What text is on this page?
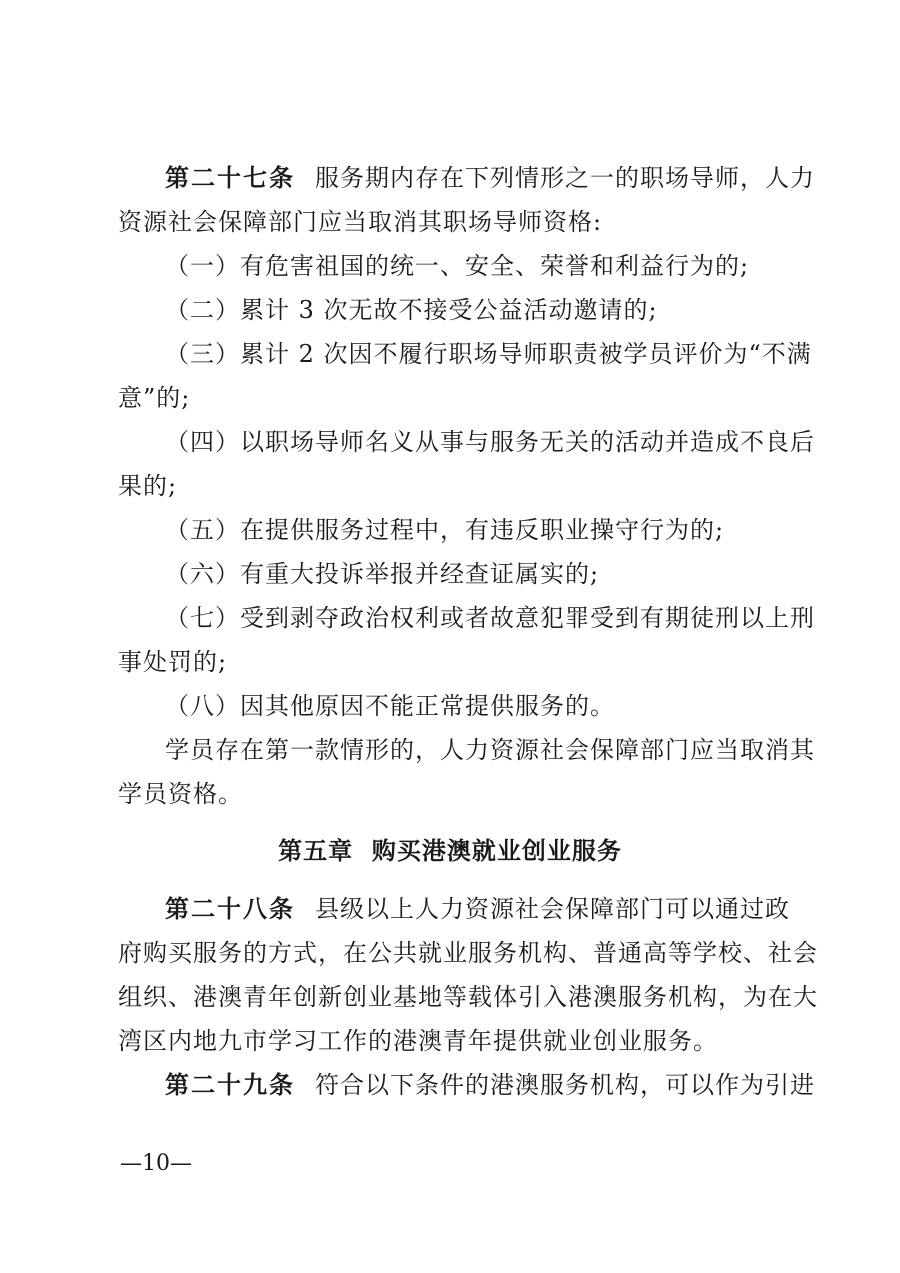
第二十七条 服务期内存在下列情形之一的职场导师，人力
资源社会保障部门应当取消其职场导师资格:
（一）有危害祖国的统一、安全、荣誉和利益行为的;
（二）累计 3 次无故不接受公益活动邀请的;
（三）累计 2 次因不履行职场导师职责被学员评价为“不满
意”的;
（四）以职场导师名义从事与服务无关的活动并造成不良后
果的;
（五）在提供服务过程中，有违反职业操守行为的;
（六）有重大投诉举报并经查证属实的;
（七）受到剥夺政治权利或者故意犯罪受到有期徒刑以上刑
事处罚的;
（八）因其他原因不能正常提供服务的。
学员存在第一款情形的，人力资源社会保障部门应当取消其
学员资格。
第五章  购买港澳就业创业服务
第二十八条 县级以上人力资源社会保障部门可以通过政
府购买服务的方式，在公共就业服务机构、普通高等学校、社会
组织、港澳青年创新创业基地等载体引入港澳服务机构，为在大
湾区内地九市学习工作的港澳青年提供就业创业服务。
第二十九条 符合以下条件的港澳服务机构，可以作为引进
—10—
